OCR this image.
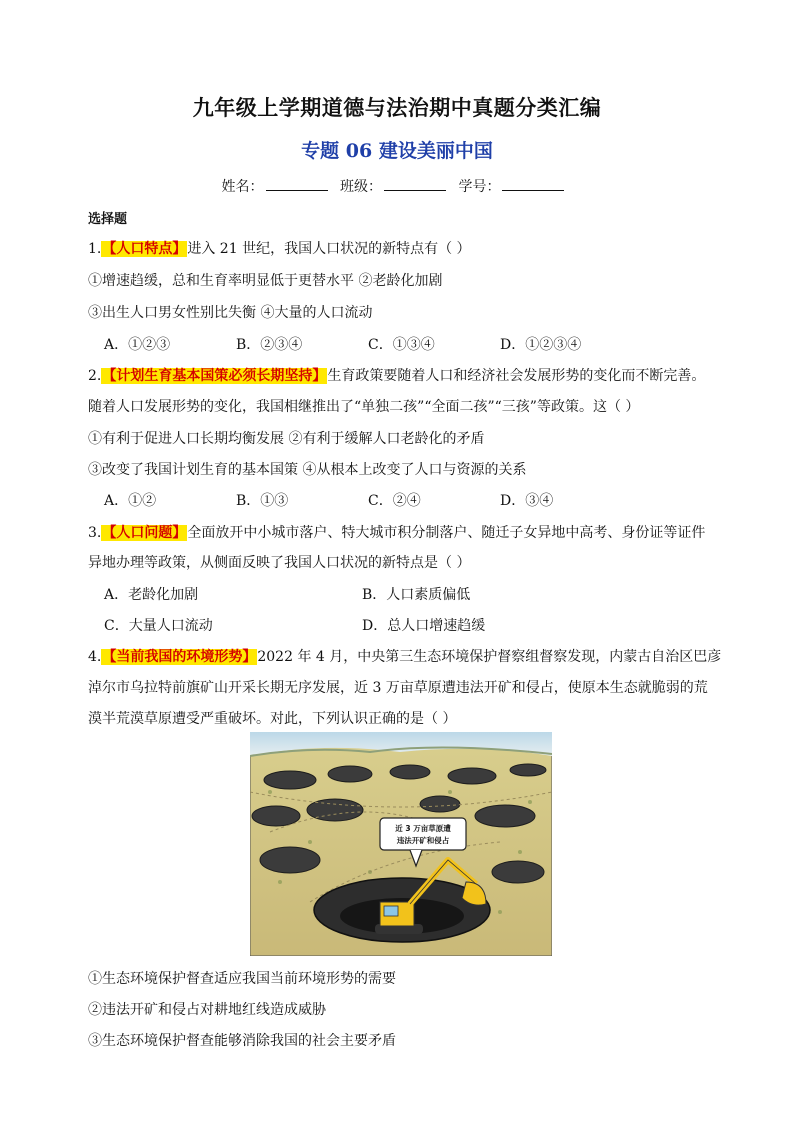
九年级上学期道德与法治期中真题分类汇编
专题 06 建设美丽中国
姓名：	班级：	学号：
选择题
1.【人口特点】进入 21 世纪，我国人口状况的新特点有（ ）
①增速趋缓，总和生育率明显低于更替水平 ②老龄化加剧
③出生人口男女性别比失衡 ④大量的人口流动
A．①②③	B．②③④	C．①③④	D．①②③④
2.【计划生育基本国策必须长期坚持】生育政策要随着人口和经济社会发展形势的变化而不断完善。
随着人口发展形势的变化，我国相继推出了“单独二孩”“全面二孩”“三孩”等政策。这（ ）
①有利于促进人口长期均衡发展 ②有利于缓解人口老龄化的矛盾
③改变了我国计划生育的基本国策 ④从根本上改变了人口与资源的关系
A．①②	B．①③	C．②④	D．③④
3.【人口问题】全面放开中小城市落户、特大城市积分制落户、随迁子女异地中高考、身份证等证件
异地办理等政策，从侧面反映了我国人口状况的新特点是（ ）
A．老龄化加剧	B．人口素质偏低
C．大量人口流动	D．总人口增速趋缓
4.【当前我国的环境形势】2022 年 4 月，中央第三生态环境保护督察组督察发现，内蒙古自治区巴彦
淖尔市乌拉特前旗矿山开采长期无序发展，近 3 万亩草原遭违法开矿和侵占，使原本生态就脆弱的荒
漠半荒漠草原遭受严重破坏。对此，下列认识正确的是（ ）
近 3 万亩草原遭
违法开矿和侵占
①生态环境保护督查适应我国当前环境形势的需要
②违法开矿和侵占对耕地红线造成威胁
③生态环境保护督查能够消除我国的社会主要矛盾
